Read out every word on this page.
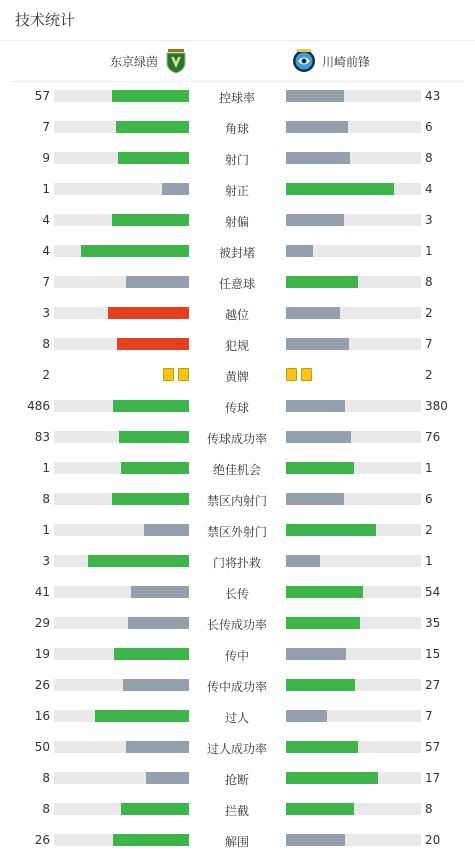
技术统计
东京绿茵	川崎前锋
57	控球率	43
7	角球	6
9	射门	8
1	射正	4
4	射偏	3
4	被封堵	1
7	任意球	8
3	越位	2
8	犯规	7
2	黄牌	2
486	传球	380
83	传球成功率	76
1	绝佳机会	1
8	禁区内射门	6
1	禁区外射门	2
3	门将扑救	1
41	长传	54
29	长传成功率	35
19	传中	15
26	传中成功率	27
16	过人	7
50	过人成功率	57
8	抢断	17
8	拦截	8
26	解围	20
